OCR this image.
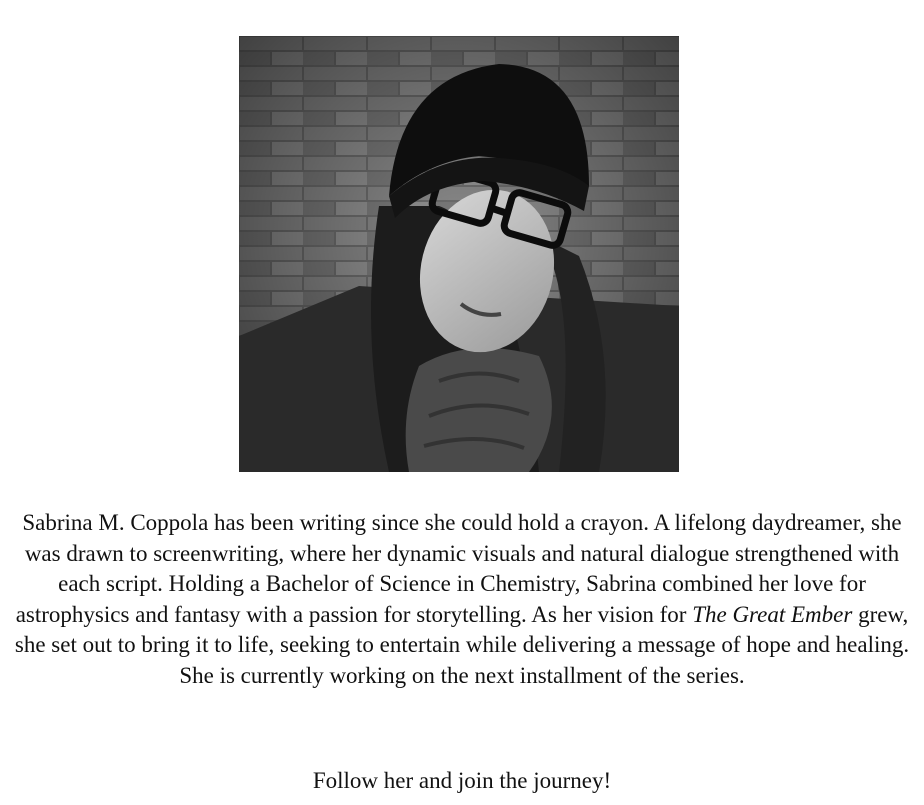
Sabrina M. Coppola has been writing since she could hold a crayon. A lifelong daydreamer, she was drawn to screenwriting, where her dynamic visuals and natural dialogue strengthened with each script. Holding a Bachelor of Science in Chemistry, Sabrina combined her love for astrophysics and fantasy with a passion for storytelling. As her vision for The Great Ember grew, she set out to bring it to life, seeking to entertain while delivering a message of hope and healing. She is currently working on the next installment of the series.

Follow her and join the journey!
